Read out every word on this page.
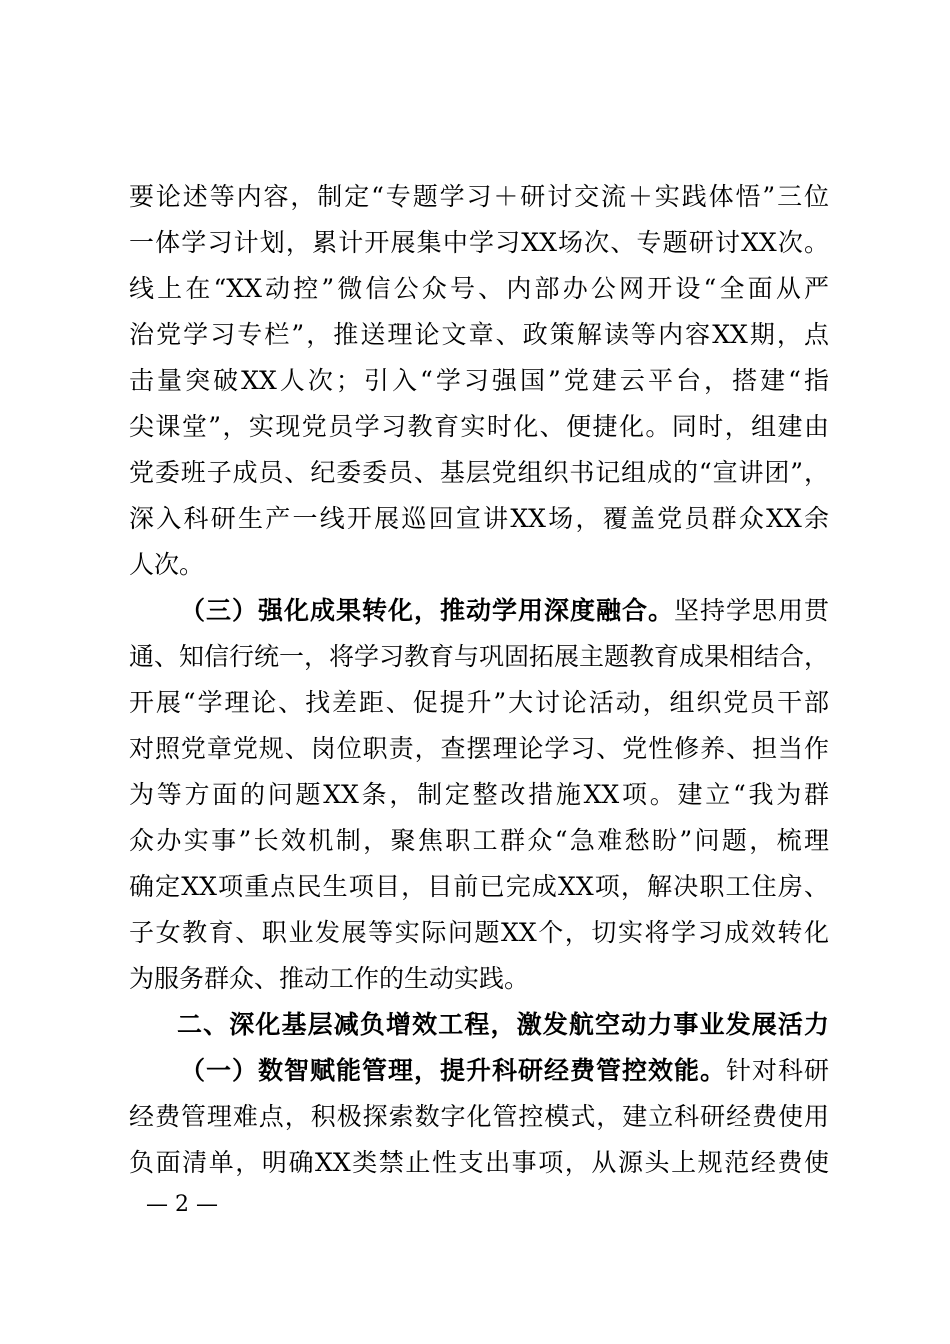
要论述等内容，制定“专题学习＋研讨交流＋实践体悟”三位
一体学习计划，累计开展集中学习XX场次、专题研讨XX次。
线上在“XX动控”微信公众号、内部办公网开设“全面从严
治党学习专栏”，推送理论文章、政策解读等内容XX期，点
击量突破XX人次；引入“学习强国”党建云平台，搭建“指
尖课堂”，实现党员学习教育实时化、便捷化。同时，组建由
党委班子成员、纪委委员、基层党组织书记组成的“宣讲团”，
深入科研生产一线开展巡回宣讲XX场，覆盖党员群众XX余
人次。
（三）强化成果转化，推动学用深度融合。坚持学思用贯
通、知信行统一，将学习教育与巩固拓展主题教育成果相结合，
开展“学理论、找差距、促提升”大讨论活动，组织党员干部
对照党章党规、岗位职责，查摆理论学习、党性修养、担当作
为等方面的问题XX条，制定整改措施XX项。建立“我为群
众办实事”长效机制，聚焦职工群众“急难愁盼”问题，梳理
确定XX项重点民生项目，目前已完成XX项，解决职工住房、
子女教育、职业发展等实际问题XX个，切实将学习成效转化
为服务群众、推动工作的生动实践。
二、深化基层减负增效工程，激发航空动力事业发展活力
（一）数智赋能管理，提升科研经费管控效能。针对科研
经费管理难点，积极探索数字化管控模式，建立科研经费使用
负面清单，明确XX类禁止性支出事项，从源头上规范经费使
— 2 —
